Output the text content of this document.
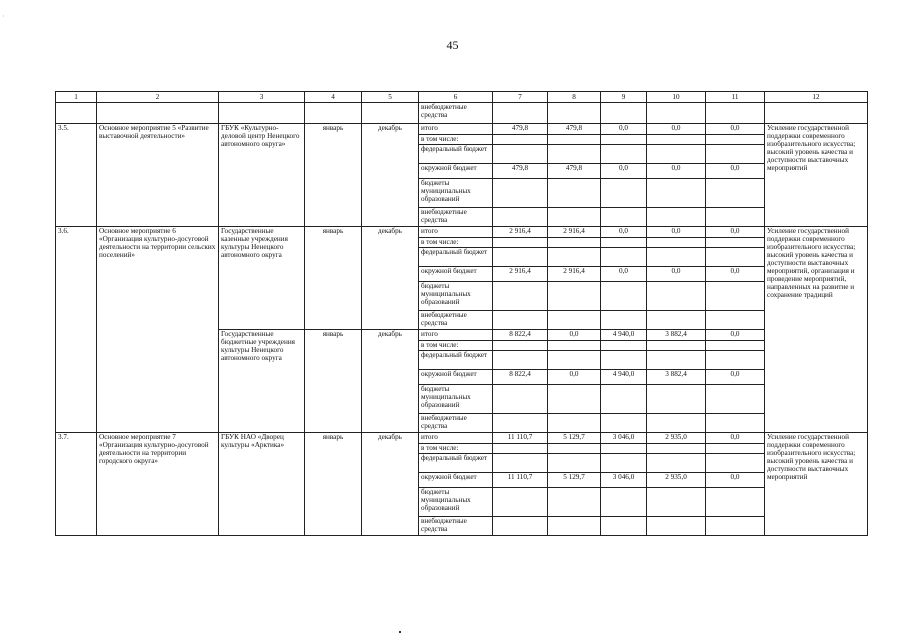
·
45
1	2	3	4	5	6	7	8	9	10	11	12
					внебюджетные средства						
3.5.	Основное мероприятие 5 «Развитие выставочной деятельности»	ГБУК «Культурно-деловой центр Ненецкого автономного округа»	январь	декабрь	итого	479,8	479,8	0,0	0,0	0,0	Усиление государственной поддержки современного изобразительного искусства; высокий уровень качества и доступности выставочных мероприятий
					в том числе:						
					федеральный бюджет						
					окружной бюджет	479,8	479,8	0,0	0,0	0,0	
					бюджеты муниципальных образований						
					внебюджетные средства						
3.6.	Основное мероприятие 6 «Организация культурно-досуговой деятельности на территории сельских поселений»	Государственные казенные учреждения культуры Ненецкого автономного округа	январь	декабрь	итого	2 916,4	2 916,4	0,0	0,0	0,0	Усиление государственной поддержки современного изобразительного искусства; высокий уровень качества и доступности выставочных мероприятий, организация и проведение мероприятий, направленных на развитие и сохранение традиций
					в том числе:						
					федеральный бюджет						
					окружной бюджет	2 916,4	2 916,4	0,0	0,0	0,0	
					бюджеты муниципальных образований						
					внебюджетные средства						
		Государственные бюджетные учреждения культуры Ненецкого автономного округа	январь	декабрь	итого	8 822,4	0,0	4 940,0	3 882,4	0,0	
					в том числе:						
					федеральный бюджет						
					окружной бюджет	8 822,4	0,0	4 940,0	3 882,4	0,0	
					бюджеты муниципальных образований						
					внебюджетные средства						
3.7.	Основное мероприятие 7 «Организация культурно-досуговой деятельности на территории городского округа»	ГБУК НАО «Дворец культуры «Арктика»	январь	декабрь	итого	11 110,7	5 129,7	3 046,0	2 935,0	0,0	Усиление государственной поддержки современного изобразительного искусства; высокий уровень качества и доступности выставочных мероприятий
					в том числе:						
					федеральный бюджет						
					окружной бюджет	11 110,7	5 129,7	3 046,0	2 935,0	0,0	
					бюджеты муниципальных образований						
					внебюджетные средства						
